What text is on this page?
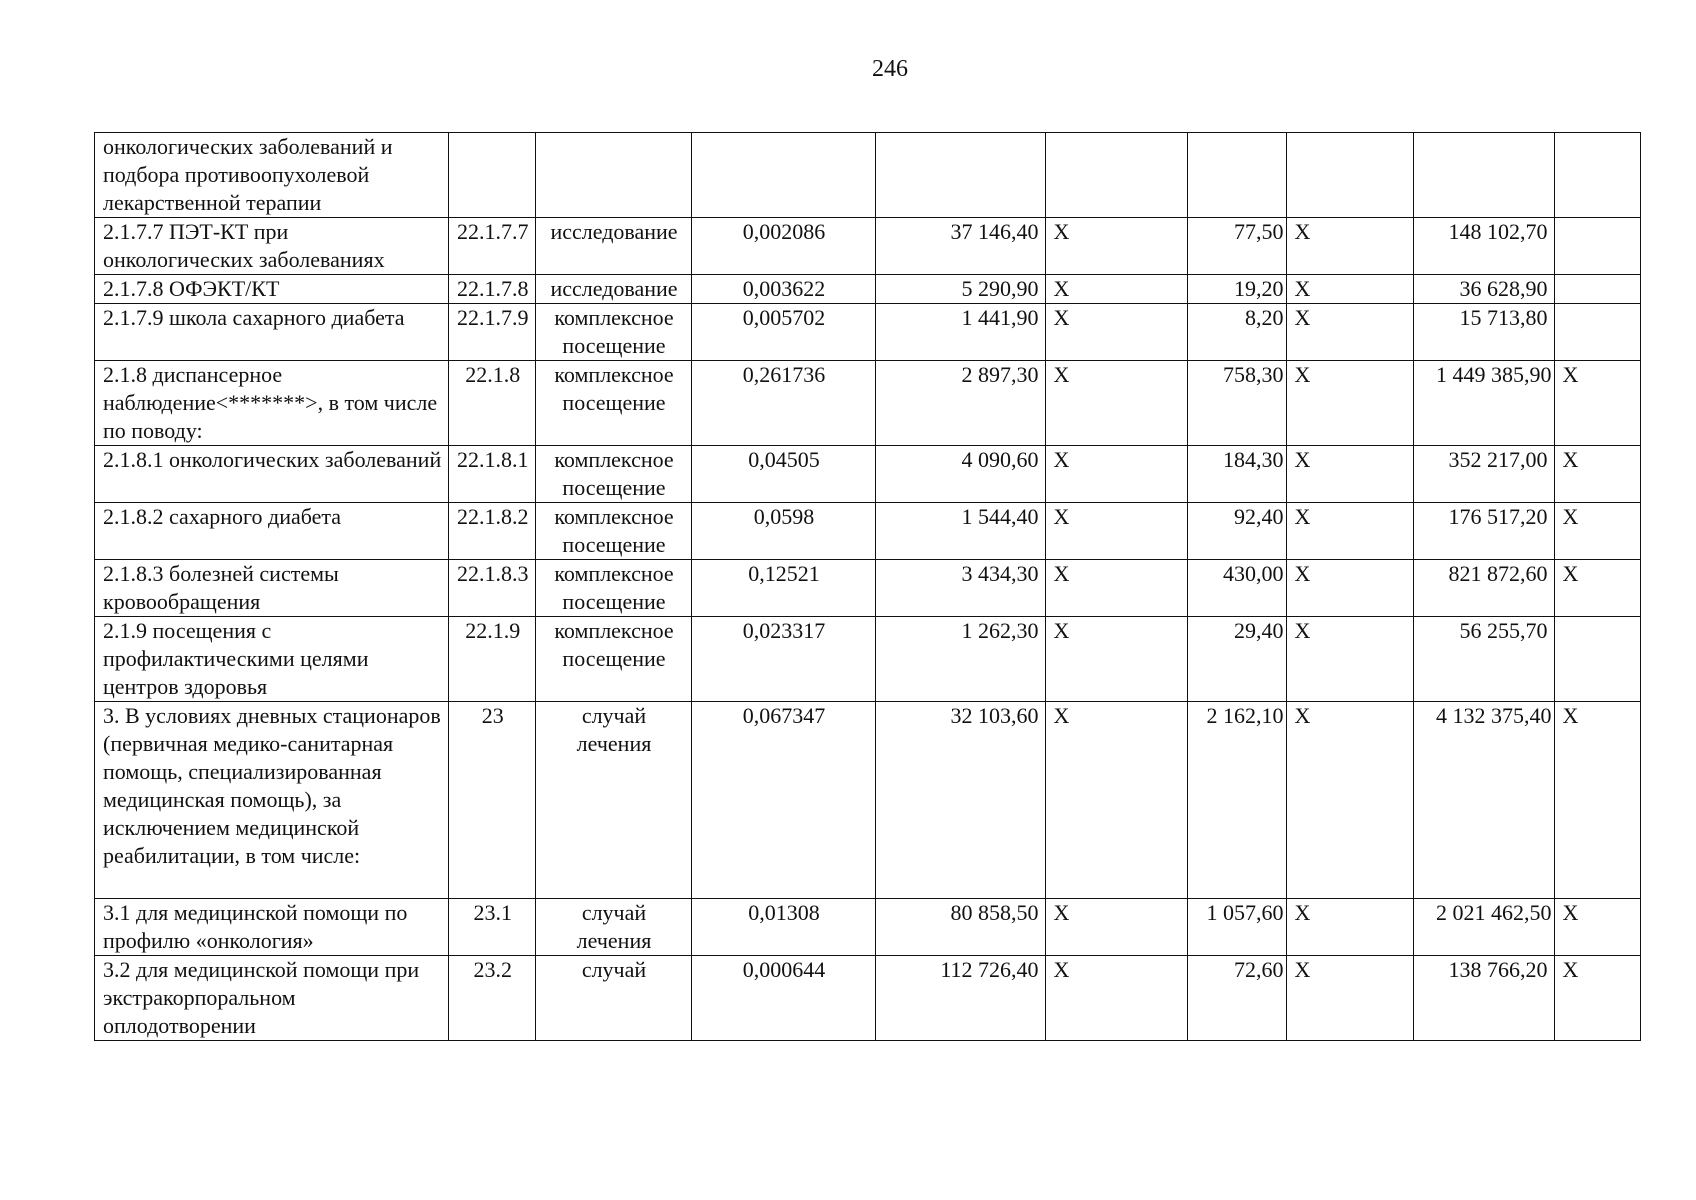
246
онкологических заболеваний и подбора противоопухолевой лекарственной терапии									
2.1.7.7 ПЭТ-КТ при онкологических заболеваниях	22.1.7.7	исследование	0,002086	37 146,40	Х	77,50	Х	148 102,70	
2.1.7.8 ОФЭКТ/КТ	22.1.7.8	исследование	0,003622	5 290,90	Х	19,20	Х	36 628,90	
2.1.7.9 школа сахарного диабета	22.1.7.9	комплексное посещение	0,005702	1 441,90	Х	8,20	Х	15 713,80	
2.1.8 диспансерное наблюдение<*******>, в том числе по поводу:	22.1.8	комплексное посещение	0,261736	2 897,30	Х	758,30	Х	1 449 385,90	Х
2.1.8.1 онкологических заболеваний	22.1.8.1	комплексное посещение	0,04505	4 090,60	Х	184,30	Х	352 217,00	Х
2.1.8.2 сахарного диабета	22.1.8.2	комплексное посещение	0,0598	1 544,40	Х	92,40	Х	176 517,20	Х
2.1.8.3 болезней системы кровообращения	22.1.8.3	комплексное посещение	0,12521	3 434,30	Х	430,00	Х	821 872,60	Х
2.1.9 посещения с профилактическими целями центров здоровья	22.1.9	комплексное посещение	0,023317	1 262,30	Х	29,40	Х	56 255,70	
3. В условиях дневных стационаров (первичная медико-санитарная помощь, специализированная медицинская помощь), за исключением медицинской реабилитации, в том числе:	23	случай лечения	0,067347	32 103,60	Х	2 162,10	Х	4 132 375,40	Х
3.1 для медицинской помощи по профилю «онкология»	23.1	случай лечения	0,01308	80 858,50	Х	1 057,60	Х	2 021 462,50	Х
3.2 для медицинской помощи при экстракорпоральном оплодотворении	23.2	случай	0,000644	112 726,40	Х	72,60	Х	138 766,20	Х
